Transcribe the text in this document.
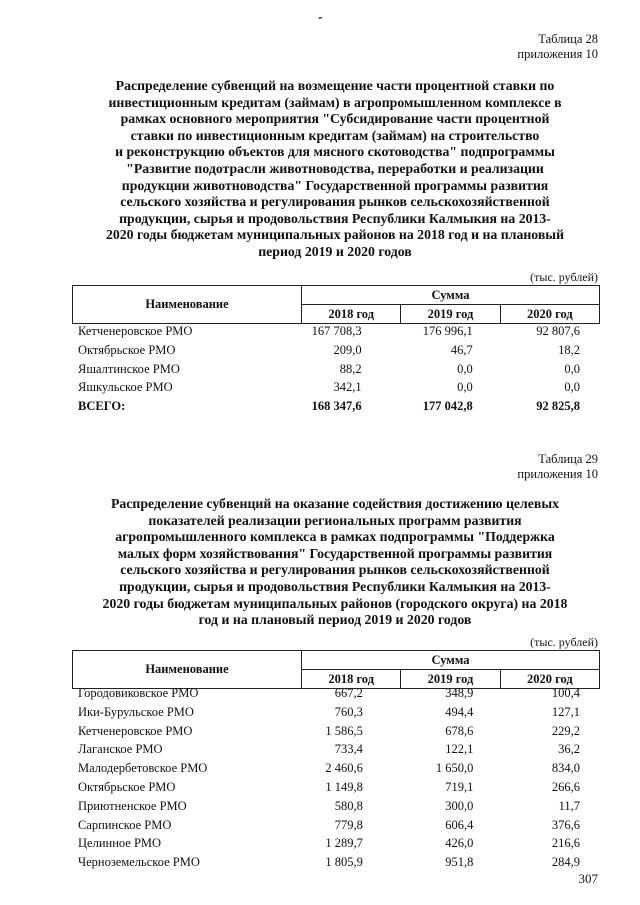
-
Таблица 28
приложения 10
Распределение субвенций на возмещение части процентной ставки по
инвестиционным кредитам (займам) в агропромышленном комплексе в
рамках основного мероприятия "Субсидирование части процентной
ставки по инвестиционным кредитам (займам) на строительство
и реконструкцию объектов для мясного скотоводства" подпрограммы
"Развитие подотрасли животноводства, переработки и реализации
продукции животноводства" Государственной программы развития
сельского хозяйства и регулирования рынков сельскохозяйственной
продукции, сырья и продовольствия Республики Калмыкия на 2013-
2020 годы бюджетам муниципальных районов на 2018 год и на плановый
период 2019 и 2020 годов
(тыс. рублей)
Наименование	Сумма		
	2018 год	2019 год	2020 год
Кетченеровское РМО	167 708,3	176 996,1	92 807,6
Октябрьское РМО	209,0	46,7	18,2
Яшалтинское РМО	88,2	0,0	0,0
Яшкульское РМО	342,1	0,0	0,0
ВСЕГО:	168 347,6	177 042,8	92 825,8
Таблица 29
приложения 10
Распределение субвенций на оказание содействия достижению целевых
показателей реализации региональных программ развития
агропромышленного комплекса в рамках подпрограммы "Поддержка
малых форм хозяйствования" Государственной программы развития
сельского хозяйства и регулирования рынков сельскохозяйственной
продукции, сырья и продовольствия Республики Калмыкия на 2013-
2020 годы бюджетам муниципальных районов (городского округа) на 2018
год и на плановый период 2019 и 2020 годов
(тыс. рублей)
Наименование	Сумма		
	2018 год	2019 год	2020 год
Городовиковское РМО	667,2	348,9	100,4
Ики-Бурульское РМО	760,3	494,4	127,1
Кетченеровское РМО	1 586,5	678,6	229,2
Лаганское РМО	733,4	122,1	36,2
Малодербетовское РМО	2 460,6	1 650,0	834,0
Октябрьское РМО	1 149,8	719,1	266,6
Приютненское РМО	580,8	300,0	11,7
Сарпинское РМО	779,8	606,4	376,6
Целинное РМО	1 289,7	426,0	216,6
Черноземельское РМО	1 805,9	951,8	284,9
307
